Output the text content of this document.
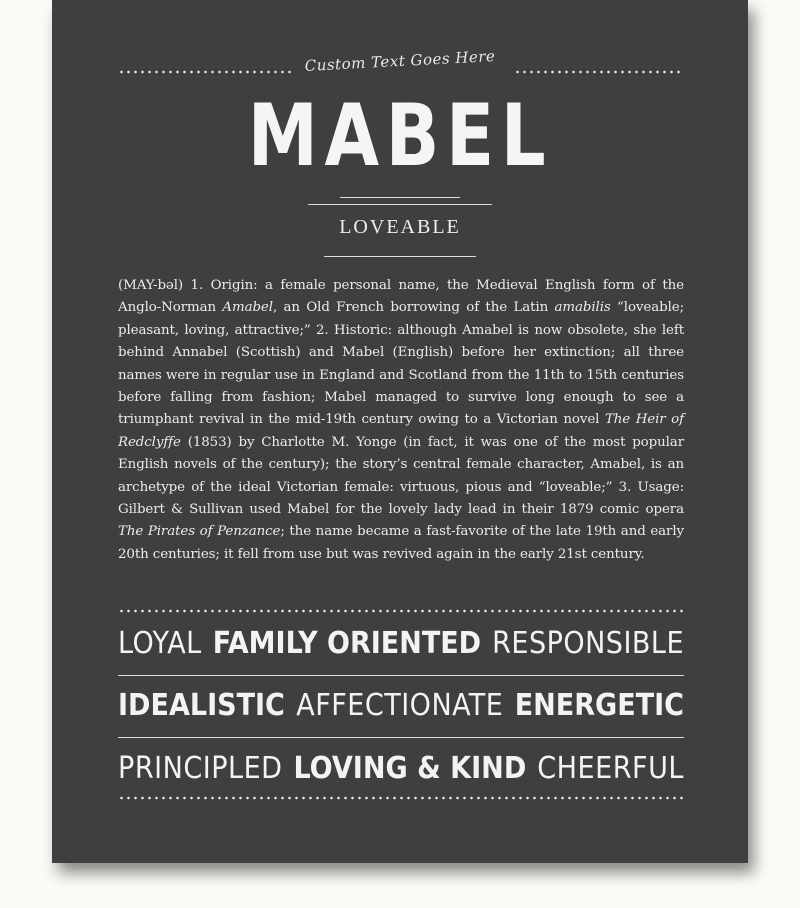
Custom Text Goes Here
MABEL
LOVEABLE
(MAY-bəl) 1. Origin: a female personal name, the Medieval English form of the Anglo-Norman Amabel, an Old French borrowing of the Latin amabilis “loveable; pleasant, loving, attractive;” 2. Historic: although Amabel is now obsolete, she left behind Annabel (Scottish) and Mabel (English) before her extinction; all three names were in regular use in England and Scotland from the 11th to 15th centuries before falling from fashion; Mabel managed to survive long enough to see a triumphant revival in the mid-19th century owing to a Victorian novel The Heir of Redclyffe (1853) by Charlotte M. Yonge (in fact, it was one of the most popular English novels of the century); the story’s central female character, Amabel, is an archetype of the ideal Victorian female: virtuous, pious and “loveable;” 3. Usage: Gilbert & Sullivan used Mabel for the lovely lady lead in their 1879 comic opera The Pirates of Penzance; the name became a fast-favorite of the late 19th and early 20th centuries; it fell from use but was revived again in the early 21st century.
LOYAL FAMILY ORIENTED RESPONSIBLE
IDEALISTIC AFFECTIONATE ENERGETIC
PRINCIPLED LOVING & KIND CHEERFUL
